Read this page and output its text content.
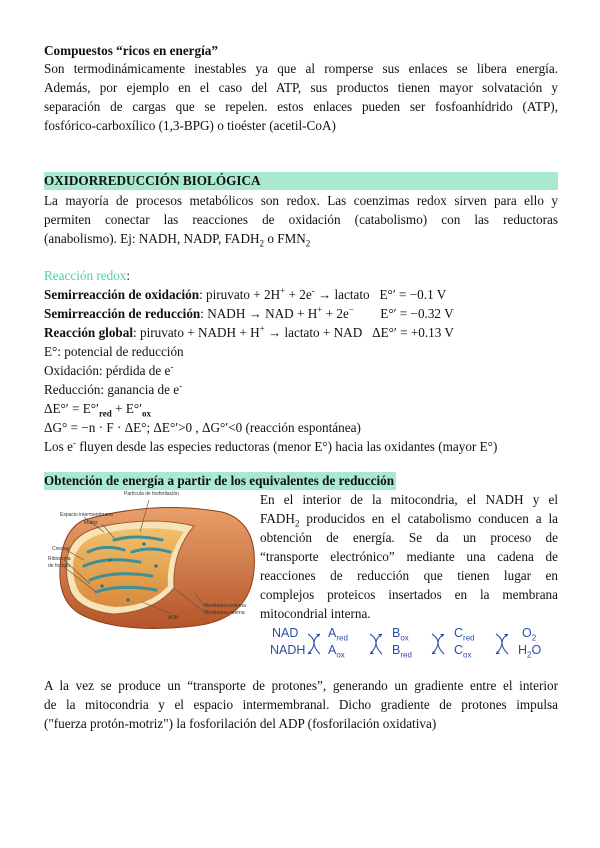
Compuestos “ricos en energía”
Son termodinámicamente inestables ya que al romperse sus enlaces se libera energía.
Además, por ejemplo en el caso del ATP, sus productos tienen mayor solvatación y
separación de cargas que se repelen. estos enlaces pueden ser fosfoanhídrido (ATP),
fosfórico-carboxílico (1,3-BPG) o tioéster (acetil-CoA)
OXIDORREDUCCIÓN BIOLÓGICA
La mayoría de procesos metabólicos son redox. Las coenzimas redox sirven para ello y
permiten conectar las reacciones de oxidación (catabolismo) con las reductoras
(anabolismo). Ej: NADH, NADP, $FADH_2$ o $FMN_2$
Reacción redox:
Semirreacción de oxidación: piruvato + 2H+ + 2e- → lactato   E°′ = −0.1 V
Semirreacción de reducción: NADH → NAD + H+ + 2e−        E°′ = −0.32 V
Reacción global: piruvato + NADH + H+ → lactato + NAD   ΔE°′ = +0.13 V
E°: potencial de reducción
Oxidación: pérdida de e-
Reducción: ganancia de e-
$\Delta E^\circ' = E^\circ'_{red} + E^\circ'_{ox}$
ΔG° = −n · F · ΔE°; ΔE°′>0 , ΔG°′<0 (reacción espontánea)
Los e- fluyen desde las especies reductoras (menor E°) hacia las oxidantes (mayor E°)
Obtención de energía a partir de los equivalentes de reducción
Partícula de fosforilación
Espacio intermembrana
Matriz
Crestas
Ribosoma
de fosfato
ADN
Membrana externa
Membrana interna
En el interior de la mitocondria, el NADH y el
$FADH_2$ producidos en el catabolismo conducen a la
obtención de energía. Se da un proceso de
“transporte electrónico” mediante una cadena de
reacciones de reducción que tienen lugar en
complejos proteicos insertados en la membrana
mitocondrial interna.
NAD
NADH
$A_{red}$
$A_{ox}$
$B_{ox}$
$B_{red}$
$C_{red}$
$C_{ox}$
$O_2$
$H_2O$
A la vez se produce un “transporte de protones”, generando un gradiente entre el interior
de la mitocondria y el espacio intermembranal. Dicho gradiente de protones impulsa
("fuerza protón-motriz") la fosforilación del ADP (fosforilación oxidativa)
